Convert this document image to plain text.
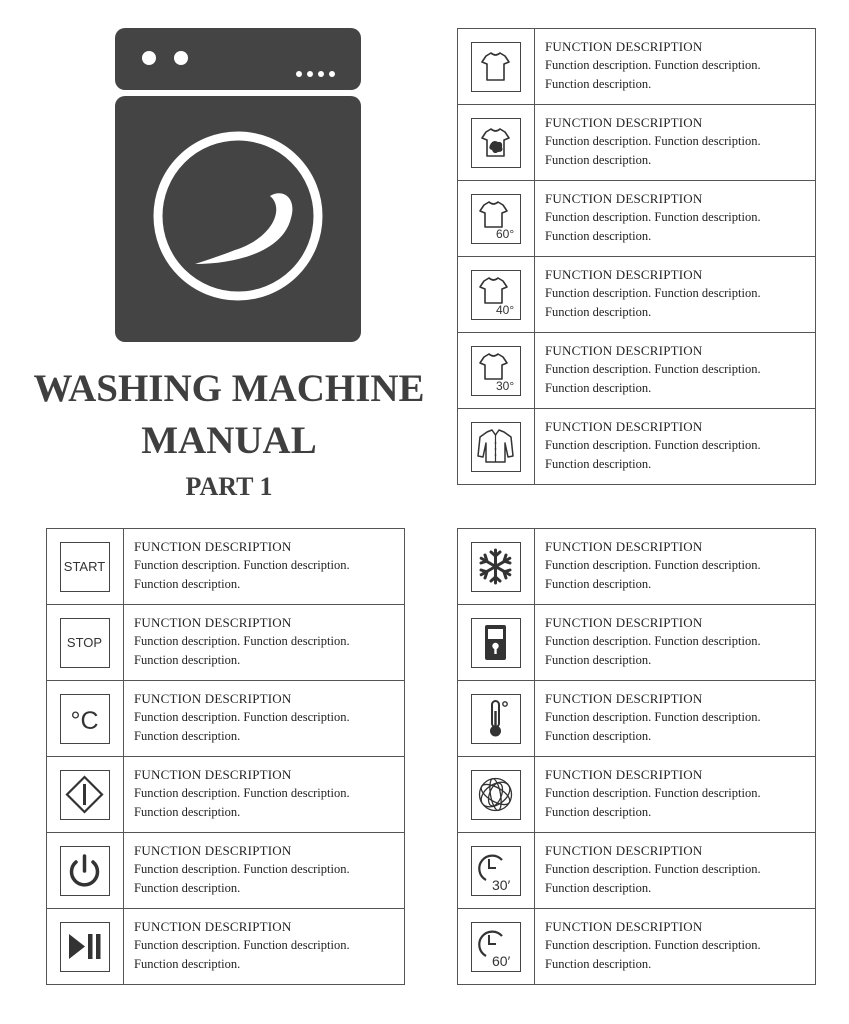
WASHING MACHINE
MANUAL
PART 1

FUNCTION DESCRIPTION
Function description. Function description.
Function description.

FUNCTION DESCRIPTION
Function description. Function description.
Function description.

60°	FUNCTION DESCRIPTION
Function description. Function description.
Function description.

40°	FUNCTION DESCRIPTION
Function description. Function description.
Function description.

30°	FUNCTION DESCRIPTION
Function description. Function description.
Function description.

FUNCTION DESCRIPTION
Function description. Function description.
Function description.
START	FUNCTION DESCRIPTION
Function description. Function description.
Function description.

STOP	FUNCTION DESCRIPTION
Function description. Function description.
Function description.

°C	FUNCTION DESCRIPTION
Function description. Function description.
Function description.

FUNCTION DESCRIPTION
Function description. Function description.
Function description.

FUNCTION DESCRIPTION
Function description. Function description.
Function description.

FUNCTION DESCRIPTION
Function description. Function description.
Function description.

FUNCTION DESCRIPTION
Function description. Function description.
Function description.

FUNCTION DESCRIPTION
Function description. Function description.
Function description.

FUNCTION DESCRIPTION
Function description. Function description.
Function description.

FUNCTION DESCRIPTION
Function description. Function description.
Function description.

30′	FUNCTION DESCRIPTION
Function description. Function description.
Function description.

60′	FUNCTION DESCRIPTION
Function description. Function description.
Function description.
